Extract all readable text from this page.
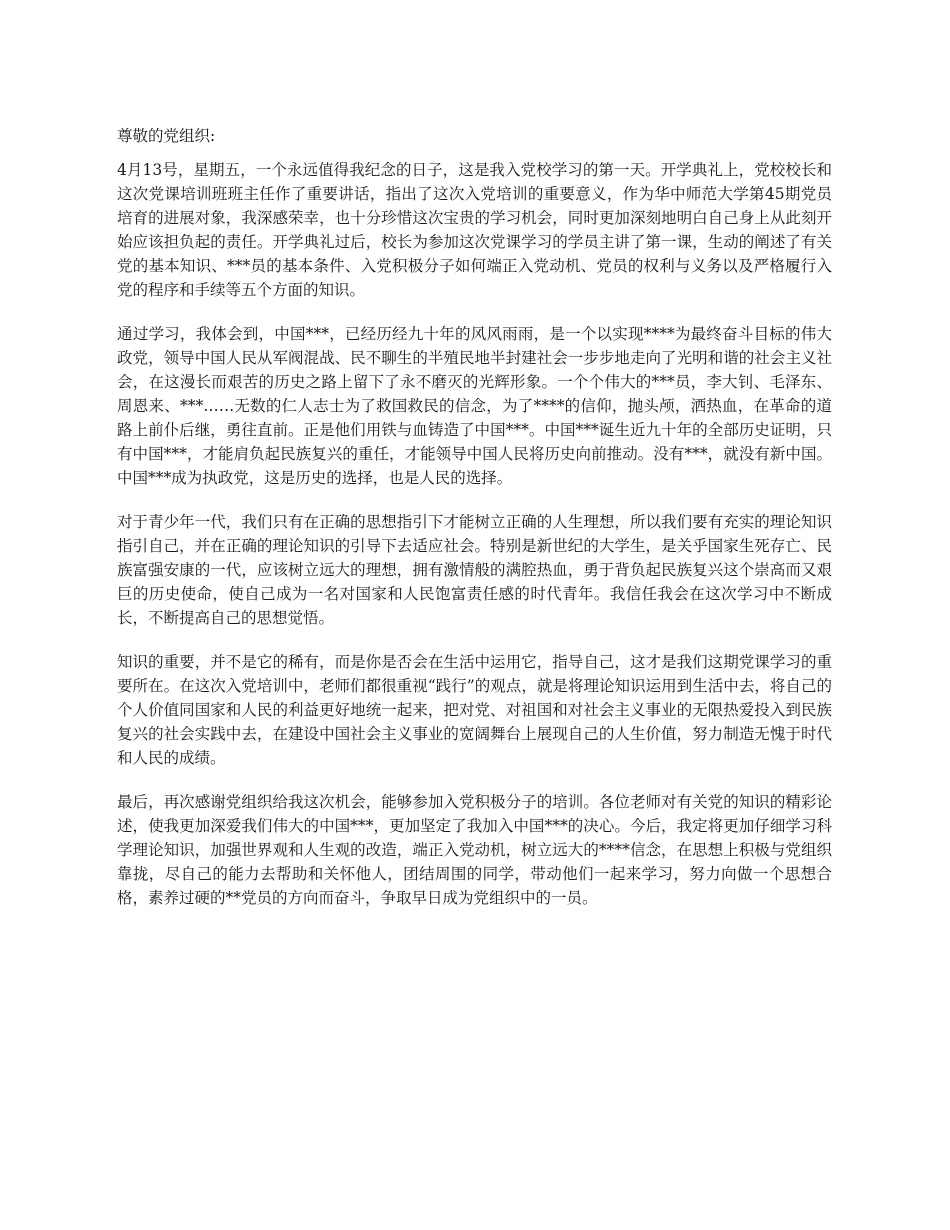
尊敬的党组织:

4月13号，星期五，一个永远值得我纪念的日子，这是我入党校学习的第一天。开学典礼上，党校校长和这次党课培训班班主任作了重要讲话，指出了这次入党培训的重要意义，作为华中师范大学第45期党员培育的进展对象，我深感荣幸，也十分珍惜这次宝贵的学习机会，同时更加深刻地明白自己身上从此刻开始应该担负起的责任。开学典礼过后，校长为参加这次党课学习的学员主讲了第一课，生动的阐述了有关党的基本知识、***员的基本条件、入党积极分子如何端正入党动机、党员的权利与义务以及严格履行入党的程序和手续等五个方面的知识。

通过学习，我体会到，中国***，已经历经九十年的风风雨雨，是一个以实现****为最终奋斗目标的伟大政党，领导中国人民从军阀混战、民不聊生的半殖民地半封建社会一步步地走向了光明和谐的社会主义社会，在这漫长而艰苦的历史之路上留下了永不磨灭的光辉形象。一个个伟大的***员，李大钊、毛泽东、周恩来、***……无数的仁人志士为了救国救民的信念，为了****的信仰，抛头颅，洒热血，在革命的道路上前仆后继，勇往直前。正是他们用铁与血铸造了中国***。中国***诞生近九十年的全部历史证明，只有中国***，才能肩负起民族复兴的重任，才能领导中国人民将历史向前推动。没有***，就没有新中国。中国***成为执政党，这是历史的选择，也是人民的选择。

对于青少年一代，我们只有在正确的思想指引下才能树立正确的人生理想，所以我们要有充实的理论知识指引自己，并在正确的理论知识的引导下去适应社会。特别是新世纪的大学生，是关乎国家生死存亡、民族富强安康的一代，应该树立远大的理想，拥有激情般的满腔热血，勇于背负起民族复兴这个崇高而又艰巨的历史使命，使自己成为一名对国家和人民饱富责任感的时代青年。我信任我会在这次学习中不断成长，不断提高自己的思想觉悟。

知识的重要，并不是它的稀有，而是你是否会在生活中运用它，指导自己，这才是我们这期党课学习的重要所在。在这次入党培训中，老师们都很重视“践行”的观点，就是将理论知识运用到生活中去，将自己的个人价值同国家和人民的利益更好地统一起来，把对党、对祖国和对社会主义事业的无限热爱投入到民族复兴的社会实践中去，在建设中国社会主义事业的宽阔舞台上展现自己的人生价值，努力制造无愧于时代和人民的成绩。

最后，再次感谢党组织给我这次机会，能够参加入党积极分子的培训。各位老师对有关党的知识的精彩论述，使我更加深爱我们伟大的中国***，更加坚定了我加入中国***的决心。今后，我定将更加仔细学习科学理论知识，加强世界观和人生观的改造，端正入党动机，树立远大的****信念，在思想上积极与党组织靠拢，尽自己的能力去帮助和关怀他人，团结周围的同学，带动他们一起来学习，努力向做一个思想合格，素养过硬的**党员的方向而奋斗，争取早日成为党组织中的一员。
